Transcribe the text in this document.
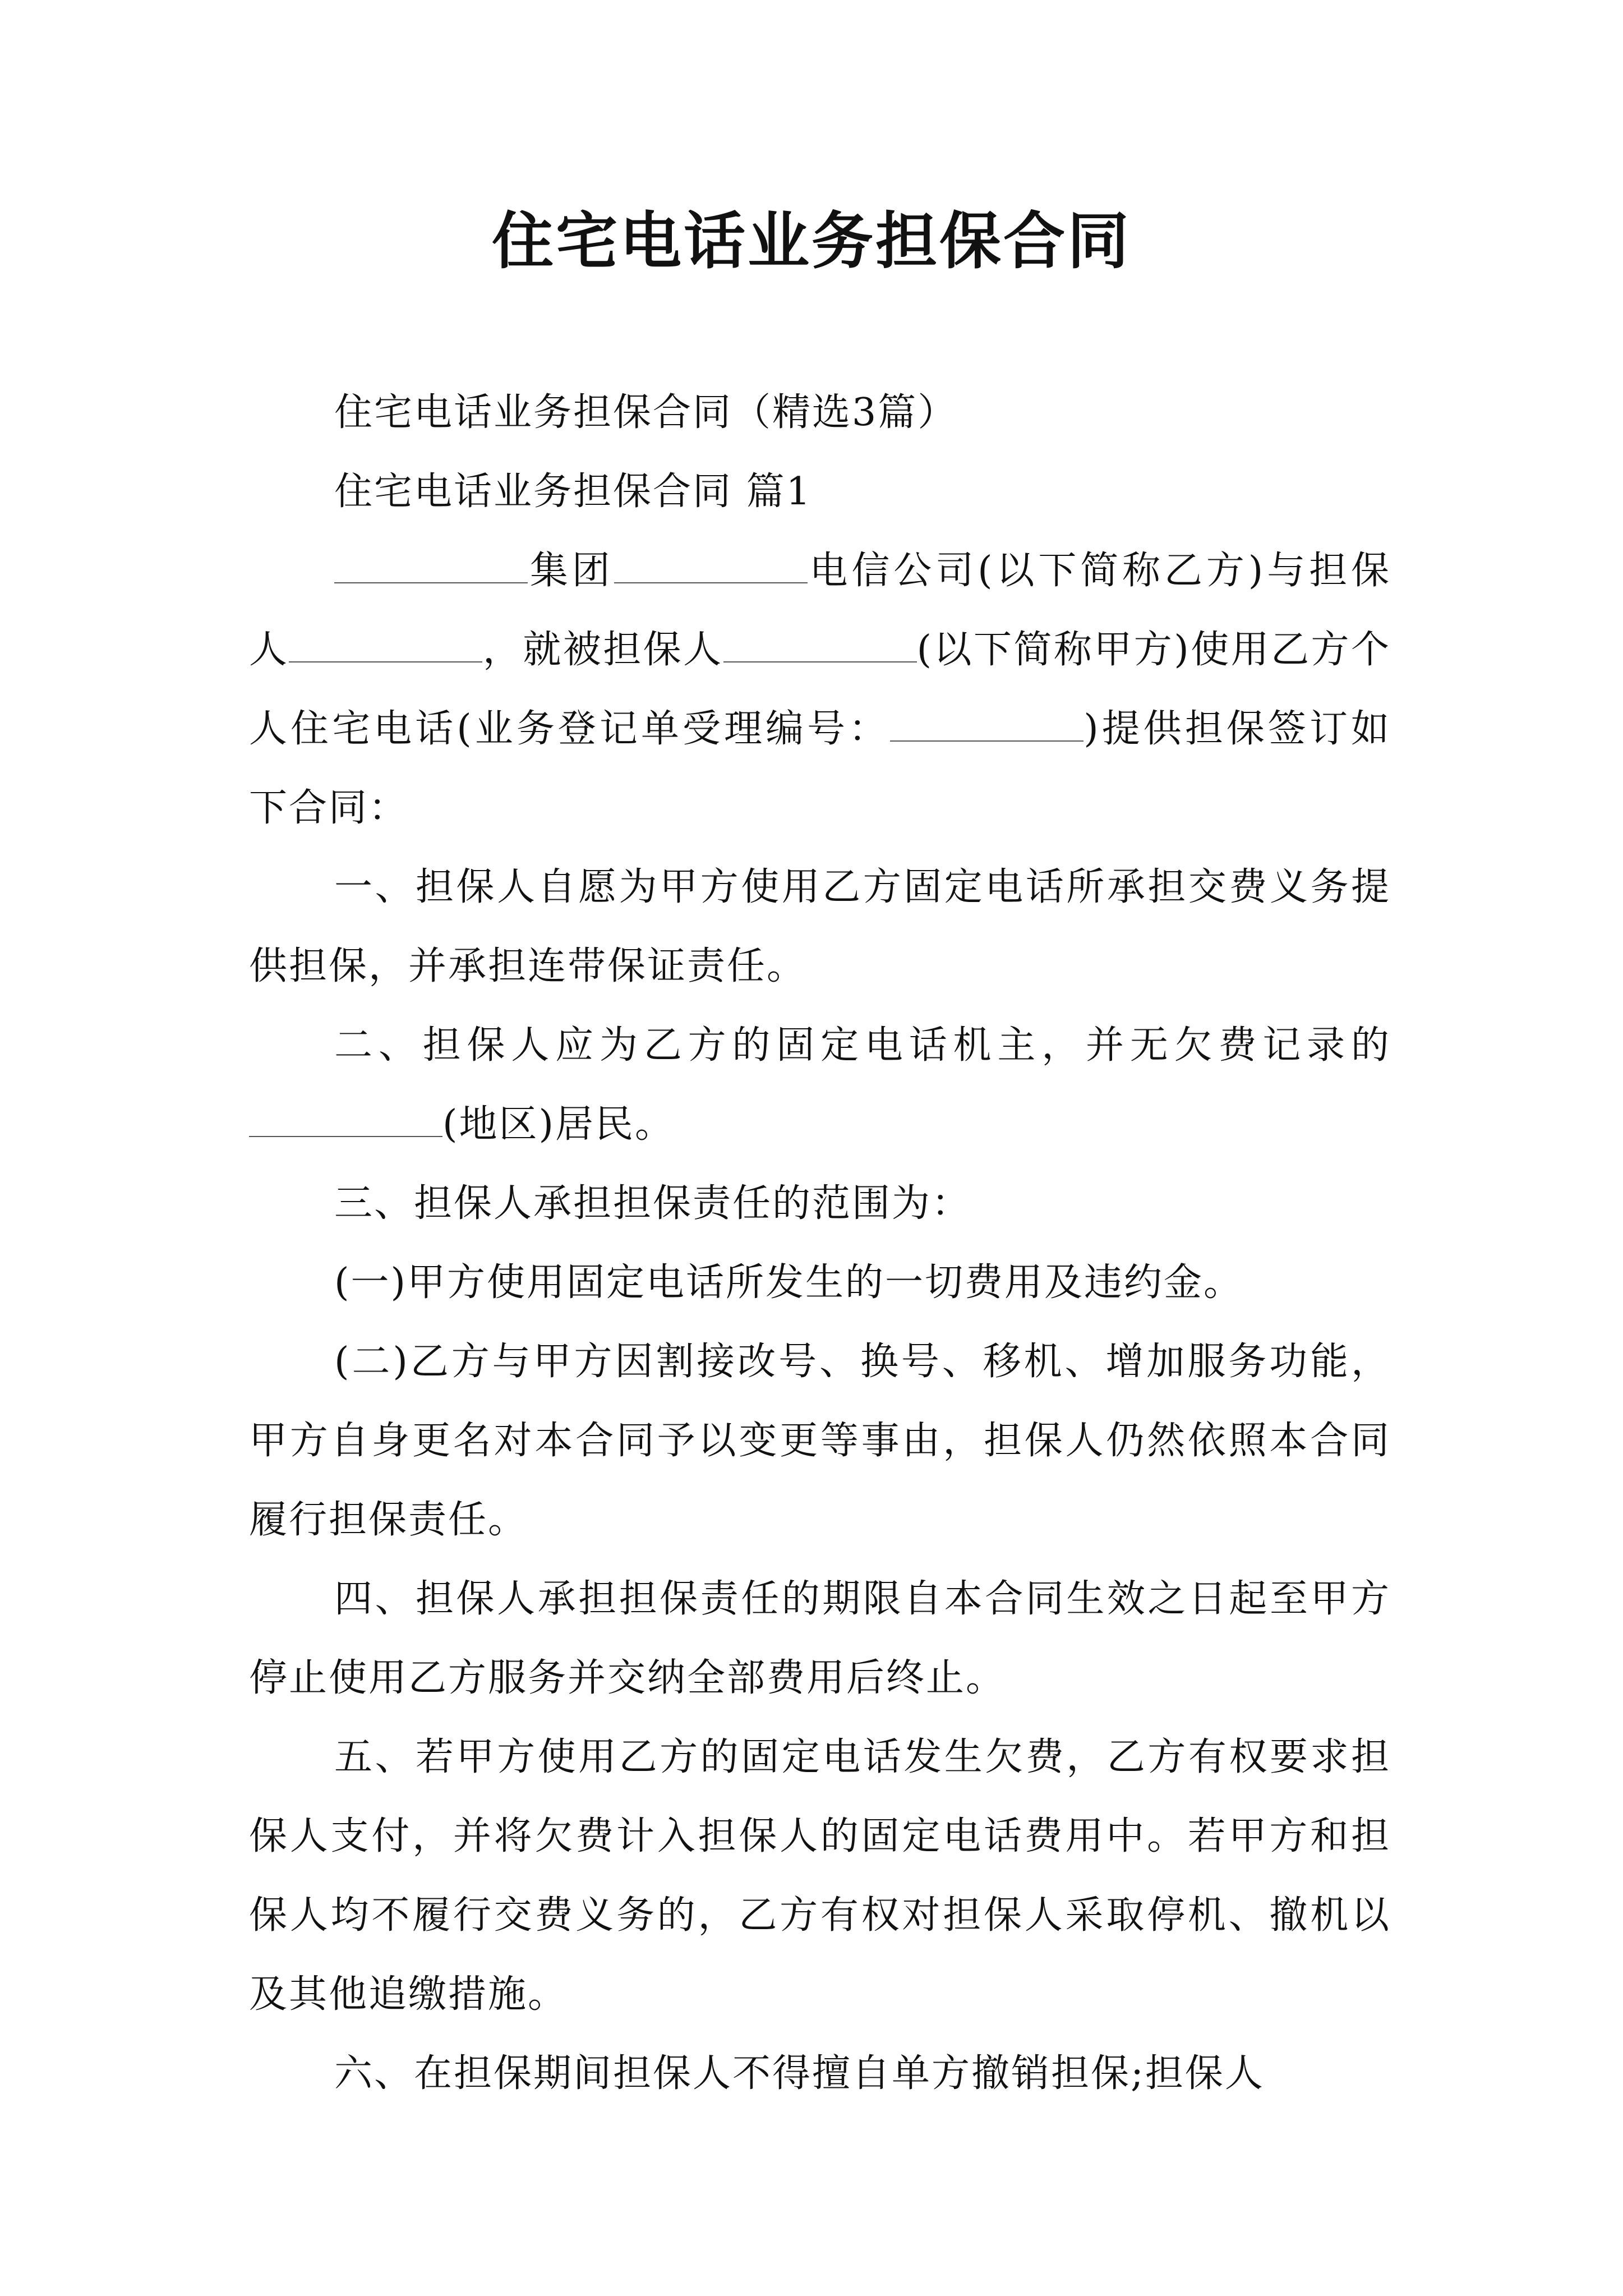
住宅电话业务担保合同

住宅电话业务担保合同（精选3篇）

住宅电话业务担保合同 篇1

集团	电信公司(以下简称乙方)与担保人	，就被担保人	(以下简称甲方)使用乙方个人住宅电话(业务登记单受理编号：	)提供担保签订如下合同：

一、担保人自愿为甲方使用乙方固定电话所承担交费义务提供担保，并承担连带保证责任。

二、担保人应为乙方的固定电话机主，并无欠费记录的(地区)居民。

三、担保人承担担保责任的范围为：

(一)甲方使用固定电话所发生的一切费用及违约金。

(二)乙方与甲方因割接改号、换号、移机、增加服务功能，甲方自身更名对本合同予以变更等事由，担保人仍然依照本合同履行担保责任。

四、担保人承担担保责任的期限自本合同生效之日起至甲方停止使用乙方服务并交纳全部费用后终止。

五、若甲方使用乙方的固定电话发生欠费，乙方有权要求担保人支付，并将欠费计入担保人的固定电话费用中。若甲方和担保人均不履行交费义务的，乙方有权对担保人采取停机、撤机以及其他追缴措施。

六、在担保期间担保人不得擅自单方撤销担保;担保人
